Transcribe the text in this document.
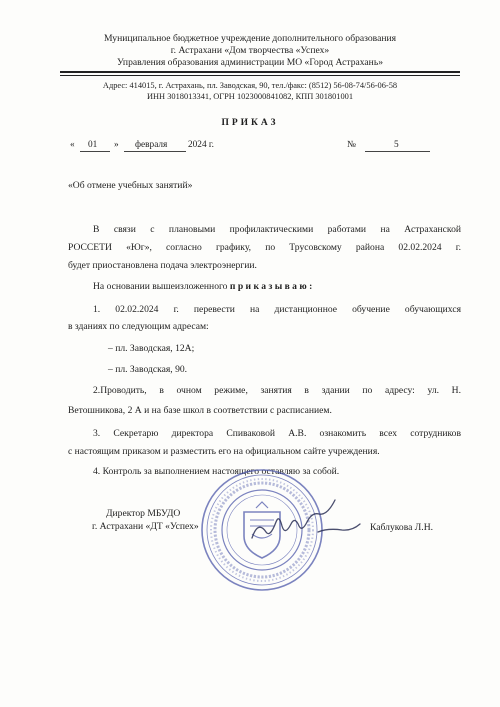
Муниципальное бюджетное учреждение дополнительного образования
г. Астрахани «Дом творчества «Успех»
Управления образования администрации МО «Город Астрахань»
Адрес: 414015, г. Астрахань, пл. Заводская, 90, тел./факс: (8512) 56-08-74/56-06-58
ИНН 3018013341, ОГРН 1023000841082, КПП 301801001
ПРИКАЗ
« 01 » февраля 2024 г.	№	5
«Об отмене учебных занятий»
В связи с плановыми профилактическими работами на Астраханской
РОССЕТИ «Юг», согласно графику, по Трусовскому района 02.02.2024 г.
будет приостановлена подача электроэнергии.
На основании вышеизложенного приказываю:
1. 02.02.2024 г. перевести на дистанционное обучение обучающихся
в зданиях по следующим адресам:
– пл. Заводская, 12А;
– пл. Заводская, 90.
2.Проводить, в очном режиме, занятия в здании по адресу: ул. Н.
Ветошникова, 2 А и на базе школ в соответствии с расписанием.
3. Секретарю директора Спиваковой А.В. ознакомить всех сотрудников
с настоящим приказом и разместить его на официальном сайте учреждения.
4. Контроль за выполнением настоящего оставляю за собой.
Директор МБУДО
г. Астрахани «ДТ «Успех»	Каблукова Л.Н.
